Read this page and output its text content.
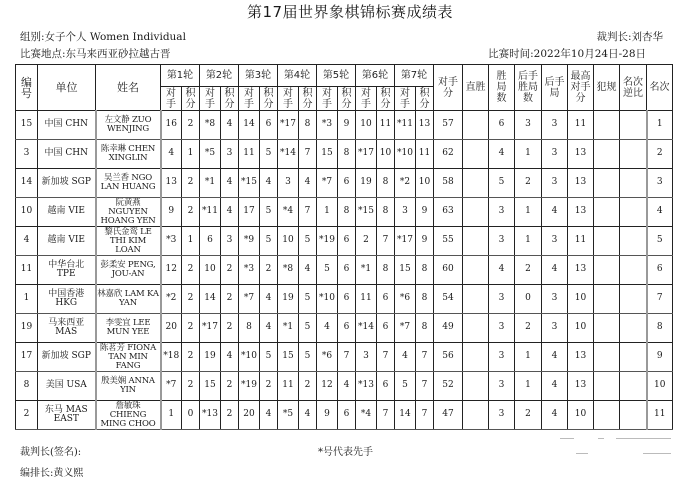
第17届世界象棋锦标赛成绩表
组别:女子个人 Women Individual	裁判长:刘杏华
比赛地点:东马来西亚砂拉越古晋	比赛时间:2022年10月24日-28日
编号	单位	姓名	第1轮		第2轮		第3轮		第4轮		第5轮		第6轮		第7轮		对手分	直胜	胜局数	后手胜局数	后手局	最高对手分	犯规	名次逆比	名次
			对手	积分	对手	积分	对手	积分	对手	积分	对手	积分	对手	积分	对手	积分									
15	中国 CHN	左文静 ZUO WENJING	16	2	*8	4	14	6	*17	8	*3	9	10	11	*11	13	57		6	3	3	11			1
3	中国 CHN	陈幸琳 CHEN XINGLIN	4	1	*5	3	11	5	*14	7	15	8	*17	10	*10	11	62		4	1	3	13			2
14	新加坡 SGP	吴兰香 NGO LAN HUANG	13	2	*1	4	*15	4	3	4	*7	6	19	8	*2	10	58		5	2	3	13			3
10	越南 VIE	阮黄燕 NGUYEN HOANG YEN	9	2	*11	4	17	5	*4	7	1	8	*15	8	3	9	63		3	1	4	13			4
4	越南 VIE	黎氏金鸾 LE THI KIM LOAN	*3	1	6	3	*9	5	10	5	*19	6	2	7	*17	9	55		3	1	3	11			5
11	中华台北 TPE	彭柔安 PENG, JOU-AN	12	2	10	2	*3	2	*8	4	5	6	*1	8	15	8	60		4	2	4	13			6
1	中国香港 HKG	林嘉欣 LAM KA YAN	*2	2	14	2	*7	4	19	5	*10	6	11	6	*6	8	54		3	0	3	10			7
19	马来西亚 MAS	李雯宜 LEE MUN YEE	20	2	*17	2	8	4	*1	5	4	6	*14	6	*7	8	49		3	2	3	10			8
17	新加坡 SGP	陈茗芳 FIONA TAN MIN FANG	*18	2	19	4	*10	5	15	5	*6	7	3	7	4	7	56		3	1	4	13			9
8	美国 USA	殷美娴 ANNA YIN	*7	2	15	2	*19	2	11	2	12	4	*13	6	5	7	52		3	1	4	13			10
2	东马 MAS EAST	詹敏珠 CHIENG MING CHOO	1	0	*13	2	20	4	*5	4	9	6	*4	7	14	7	47		3	2	4	10			11
裁判长(签名):	*号代表先手
编排长:黄义熙
